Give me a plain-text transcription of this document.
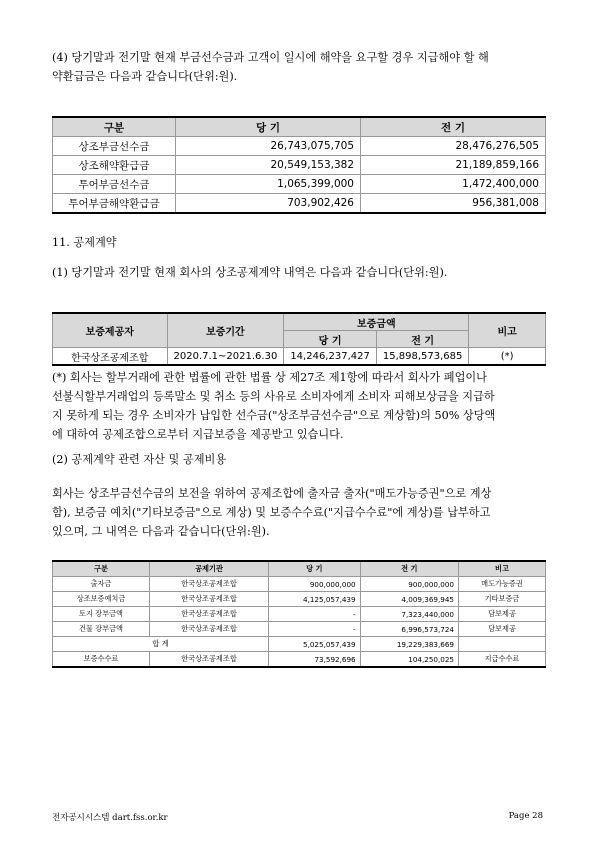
(4) 당기말과 전기말 현재 부금선수금과 고객이 일시에 해약을 요구할 경우 지급해야 할 해
약환급금은 다음과 같습니다(단위:원).
구분	당 기	전 기
상조부금선수금	26,743,075,705	28,476,276,505
상조해약환급금	20,549,153,382	21,189,859,166
투어부금선수금	1,065,399,000	1,472,400,000
투어부금해약환급금	703,902,426	956,381,008
11. 공제계약
(1) 당기말과 전기말 현재 회사의 상조공제계약 내역은 다음과 같습니다(단위:원).
보증제공자	보증기간	보증금액		비고
		당 기	전 기	
한국상조공제조합	2020.7.1~2021.6.30	14,246,237,427	15,898,573,685	(*)
(*) 회사는 할부거래에 관한 법률에 관한 법률 상 제27조 제1항에 따라서 회사가 폐업이나
선불식할부거래업의 등록말소 및 취소 등의 사유로 소비자에게 소비자 피해보상금을 지급하
지 못하게 되는 경우 소비자가 납입한 선수금("상조부금선수금"으로 계상함)의 50% 상당액
에 대하여 공제조합으로부터 지급보증을 제공받고 있습니다.
(2) 공제계약 관련 자산 및 공제비용
회사는 상조부금선수금의 보전을 위하여 공제조합에 출자금 출자("매도가능증권"으로 계상
함), 보증금 예치("기타보증금"으로 계상) 및 보증수수료("지급수수료"에 계상)를 납부하고
있으며, 그 내역은 다음과 같습니다(단위:원).
구분	공제기관	당 기	전 기	비고
출자금	한국상조공제조합	900,000,000	900,000,000	매도가능증권
상조보증예치금	한국상조공제조합	4,125,057,439	4,009,369,945	기타보증금
토지 장부금액	한국상조공제조합	-	7,323,440,000	담보제공
건물 장부금액	한국상조공제조합	-	6,996,573,724	담보제공
합 계		5,025,057,439	19,229,383,669	
보증수수료	한국상조공제조합	73,592,696	104,250,025	지급수수료
전자공시시스템 dart.fss.or.kr	Page 28
